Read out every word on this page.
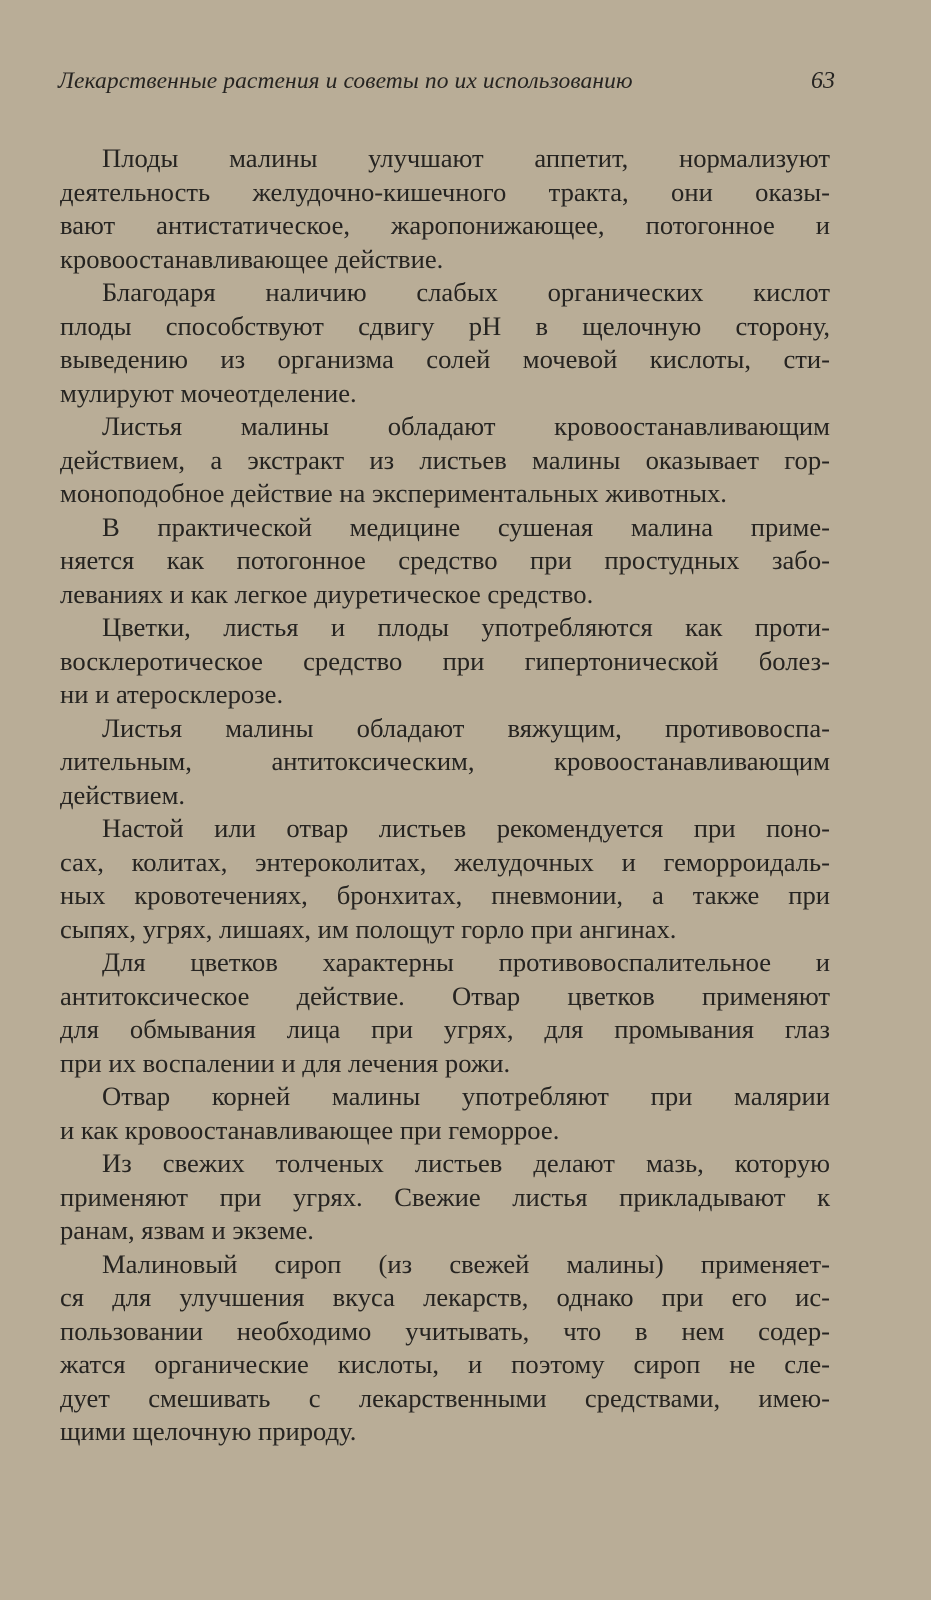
Лекарственные растения и советы по их использованию	63

Плоды малины улучшают аппетит, нормализуют
деятельность желудочно-кишечного тракта, они оказы-
вают антистатическое, жаропонижающее, потогонное и
кровоостанавливающее действие.

Благодаря наличию слабых органических кислот
плоды способствуют сдвигу pH в щелочную сторону,
выведению из организма солей мочевой кислоты, сти-
мулируют мочеотделение.

Листья малины обладают кровоостанавливающим
действием, а экстракт из листьев малины оказывает гор-
моноподобное действие на экспериментальных животных.

В практической медицине сушеная малина приме-
няется как потогонное средство при простудных забо-
леваниях и как легкое диуретическое средство.

Цветки, листья и плоды употребляются как проти-
восклеротическое средство при гипертонической болез-
ни и атеросклерозе.

Листья малины обладают вяжущим, противовоспа-
лительным, антитоксическим, кровоостанавливающим
действием.

Настой или отвар листьев рекомендуется при поно-
сах, колитах, энтероколитах, желудочных и геморроидаль-
ных кровотечениях, бронхитах, пневмонии, а также при
сыпях, угрях, лишаях, им полощут горло при ангинах.

Для цветков характерны противовоспалительное и
антитоксическое действие. Отвар цветков применяют
для обмывания лица при угрях, для промывания глаз
при их воспалении и для лечения рожи.

Отвар корней малины употребляют при малярии
и как кровоостанавливающее при геморрое.

Из свежих толченых листьев делают мазь, которую
применяют при угрях. Свежие листья прикладывают к
ранам, язвам и экземе.

Малиновый сироп (из свежей малины) применяет-
ся для улучшения вкуса лекарств, однако при его ис-
пользовании необходимо учитывать, что в нем содер-
жатся органические кислоты, и поэтому сироп не сле-
дует смешивать с лекарственными средствами, имею-
щими щелочную природу.
